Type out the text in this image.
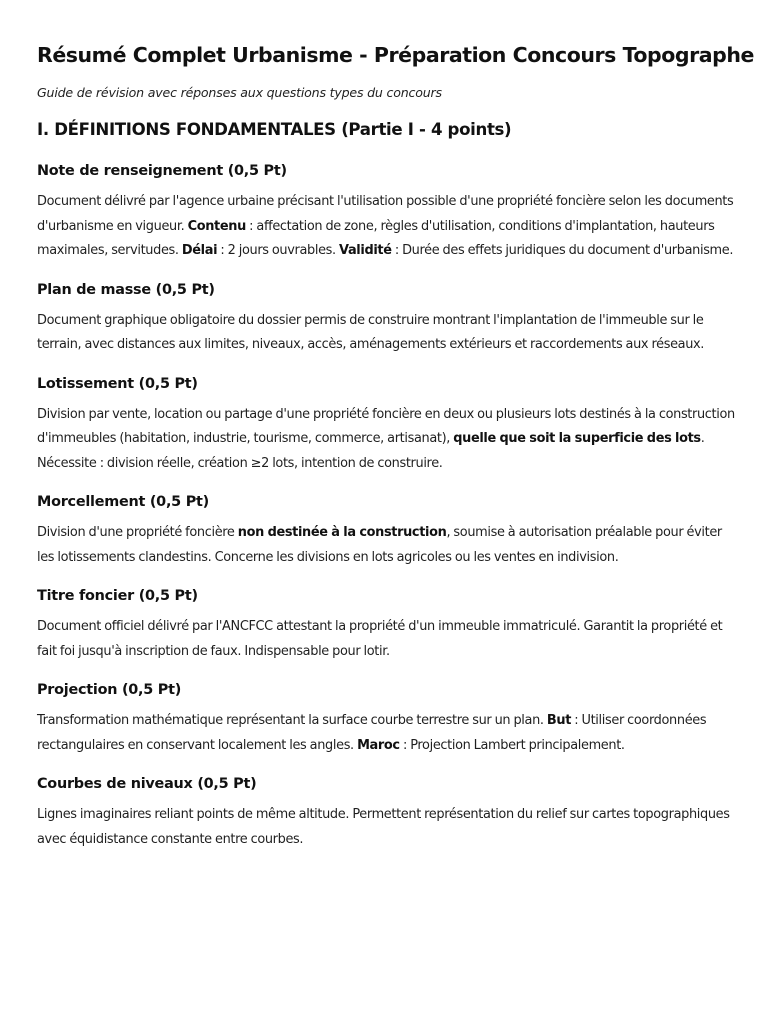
Résumé Complet Urbanisme - Préparation Concours Topographe

Guide de révision avec réponses aux questions types du concours

I. DÉFINITIONS FONDAMENTALES (Partie I - 4 points)
Note de renseignement (0,5 Pt)

Document délivré par l'agence urbaine précisant l'utilisation possible d'une propriété foncière selon les documents d'urbanisme en vigueur. Contenu : affectation de zone, règles d'utilisation, conditions d'implantation, hauteurs maximales, servitudes. Délai : 2 jours ouvrables. Validité : Durée des effets juridiques du document d'urbanisme.

Plan de masse (0,5 Pt)

Document graphique obligatoire du dossier permis de construire montrant l'implantation de l'immeuble sur le terrain, avec distances aux limites, niveaux, accès, aménagements extérieurs et raccordements aux réseaux.

Lotissement (0,5 Pt)

Division par vente, location ou partage d'une propriété foncière en deux ou plusieurs lots destinés à la construction d'immeubles (habitation, industrie, tourisme, commerce, artisanat), quelle que soit la superficie des lots. Nécessite : division réelle, création ≥2 lots, intention de construire.

Morcellement (0,5 Pt)

Division d'une propriété foncière non destinée à la construction, soumise à autorisation préalable pour éviter les lotissements clandestins. Concerne les divisions en lots agricoles ou les ventes en indivision.

Titre foncier (0,5 Pt)

Document officiel délivré par l'ANCFCC attestant la propriété d'un immeuble immatriculé. Garantit la propriété et fait foi jusqu'à inscription de faux. Indispensable pour lotir.

Projection (0,5 Pt)

Transformation mathématique représentant la surface courbe terrestre sur un plan. But : Utiliser coordonnées rectangulaires en conservant localement les angles. Maroc : Projection Lambert principalement.

Courbes de niveaux (0,5 Pt)

Lignes imaginaires reliant points de même altitude. Permettent représentation du relief sur cartes topographiques avec équidistance constante entre courbes.
